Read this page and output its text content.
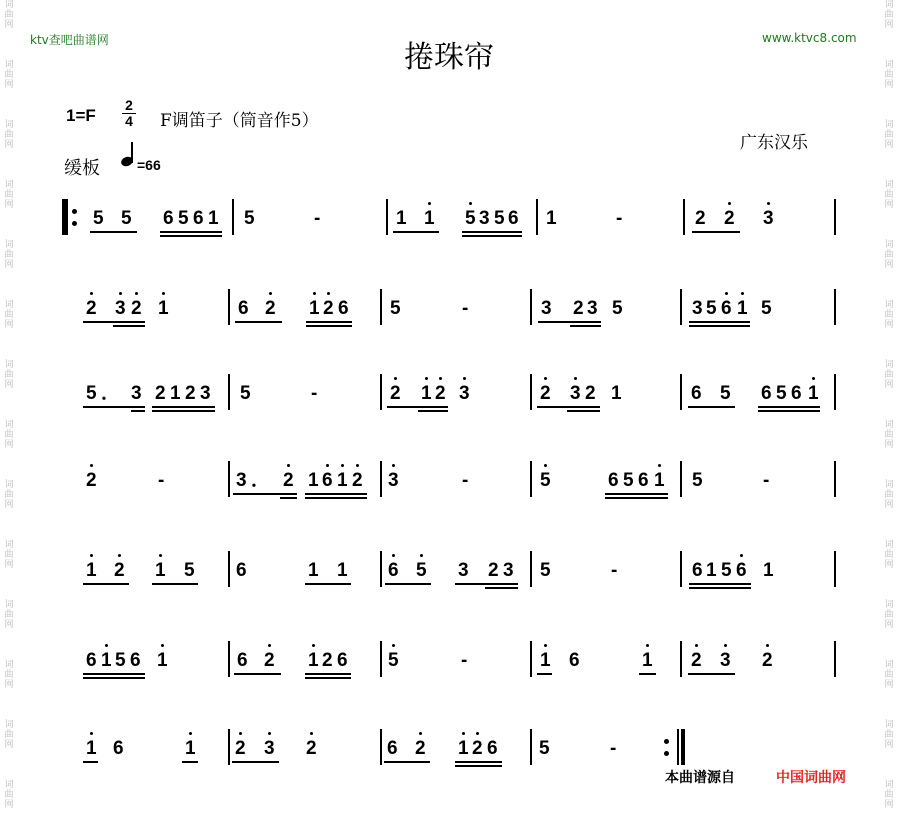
词曲网
词曲网
词曲网
词曲网
词曲网
词曲网
词曲网
词曲网
词曲网
词曲网
词曲网
词曲网
词曲网
词曲网
词曲网
词曲网
词曲网
词曲网
词曲网
词曲网
词曲网
词曲网
词曲网
词曲网
词曲网
词曲网
词曲网
词曲网
ktv查吧曲谱网	www.ktvc8.com
捲珠帘
$1=F \frac{2}{4}$ F调笛子（筒音作5）
广东汉乐
缓板	=66
5 5 6 5 6 1 5	-	1 1 5 3 5 6 1	-	2 2 3
2 3 2 1	6 2 1 2 6 5	-	3 2 3 5	3 5 6 1 5
5 ． 3 2 1 2 3 5	-	2 1 2 3	2 3 2 1	6 5 6 5 6 1
2	-	3 ． 2 1 6 1 2 3	-	5	6 5 6 1 5	-
1 2 1 5 6	1 1 6 5 3 2 3 5	-	6 1 5 6 1
6 1 5 6 1	6 2 1 2 6 5	-	1 6	1 2 3 2
1 6	1 2 3 2	6 2 1 2 6 5	-
本曲谱源自	中国词曲网
